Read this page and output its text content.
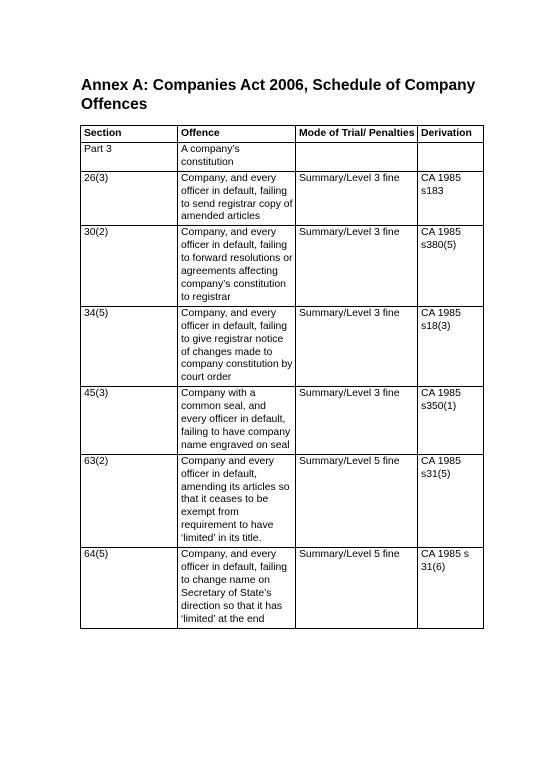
Annex A: Companies Act 2006, Schedule of Company Offences
Section	Offence	Mode of Trial/ Penalties	Derivation
Part 3	A company’s constitution		
26(3)	Company, and every officer in default, failing to send registrar copy of amended articles	Summary/Level 3 fine	CA 1985 s183
30(2)	Company, and every officer in default, failing to forward resolutions or agreements affecting company’s constitution to registrar	Summary/Level 3 fine	CA 1985 s380(5)
34(5)	Company, and every officer in default, failing to give registrar notice of changes made to company constitution by court order	Summary/Level 3 fine	CA 1985 s18(3)
45(3)	Company with a common seal, and every officer in default, failing to have company name engraved on seal	Summary/Level 3 fine	CA 1985 s350(1)
63(2)	Company and every officer in default, amending its articles so that it ceases to be exempt from requirement to have ‘limited’ in its title.	Summary/Level 5 fine	CA 1985 s31(5)
64(5)	Company, and every officer in default, failing to change name on Secretary of State’s direction so that it has ‘limited’ at the end	Summary/Level 5 fine	CA 1985 s 31(6)
